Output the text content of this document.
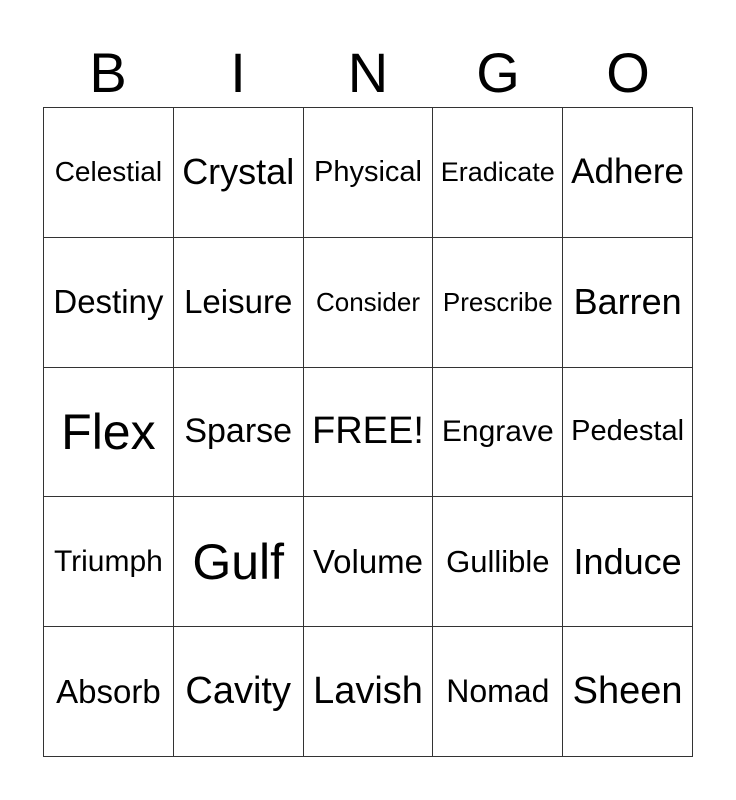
B	I	N	G	O
Celestial Crystal Physical Eradicate Adhere
Destiny Leisure Consider Prescribe Barren
Flex Sparse FREE! Engrave Pedestal
Triumph Gulf Volume Gullible Induce
Absorb Cavity Lavish Nomad Sheen
